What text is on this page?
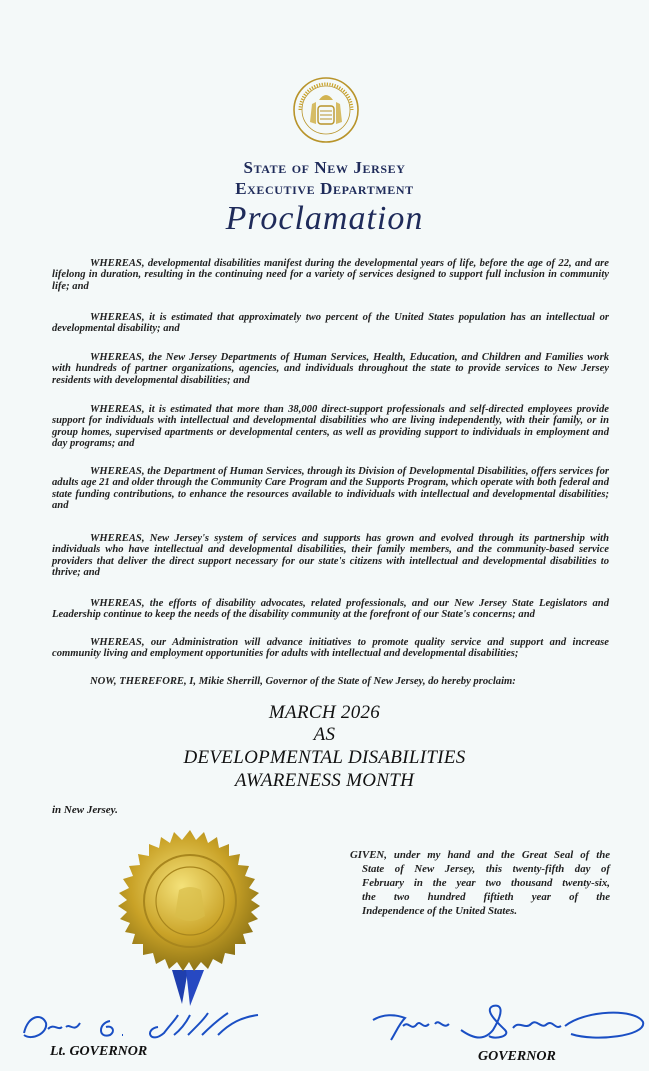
State of New Jersey
Executive Department
Proclamation
WHEREAS, developmental disabilities manifest during the developmental years of life, before the age of 22, and are lifelong in duration, resulting in the continuing need for a variety of services designed to support full inclusion in community life; and
WHEREAS, it is estimated that approximately two percent of the United States population has an intellectual or developmental disability; and
WHEREAS, the New Jersey Departments of Human Services, Health, Education, and Children and Families work with hundreds of partner organizations, agencies, and individuals throughout the state to provide services to New Jersey residents with developmental disabilities; and
WHEREAS, it is estimated that more than 38,000 direct-support professionals and self-directed employees provide support for individuals with intellectual and developmental disabilities who are living independently, with their family, or in group homes, supervised apartments or developmental centers, as well as providing support to individuals in employment and day programs; and
WHEREAS, the Department of Human Services, through its Division of Developmental Disabilities, offers services for adults age 21 and older through the Community Care Program and the Supports Program, which operate with both federal and state funding contributions, to enhance the resources available to individuals with intellectual and developmental disabilities; and
WHEREAS, New Jersey's system of services and supports has grown and evolved through its partnership with individuals who have intellectual and developmental disabilities, their family members, and the community-based service providers that deliver the direct support necessary for our state's citizens with intellectual and developmental disabilities to thrive; and
WHEREAS, the efforts of disability advocates, related professionals, and our New Jersey State Legislators and Leadership continue to keep the needs of the disability community at the forefront of our State's concerns; and
WHEREAS, our Administration will advance initiatives to promote quality service and support and increase community living and employment opportunities for adults with intellectual and developmental disabilities;
NOW, THEREFORE, I, Mikie Sherrill, Governor of the State of New Jersey, do hereby proclaim:
MARCH 2026
AS
DEVELOPMENTAL DISABILITIES
AWARENESS MONTH
in New Jersey.
GIVEN, under my hand and the Great Seal of the
State of New Jersey, this twenty-fifth day of
February in the year two thousand twenty-six,
the two hundred fiftieth year of the
Independence of the United States.
Lt. GOVERNOR	GOVERNOR
